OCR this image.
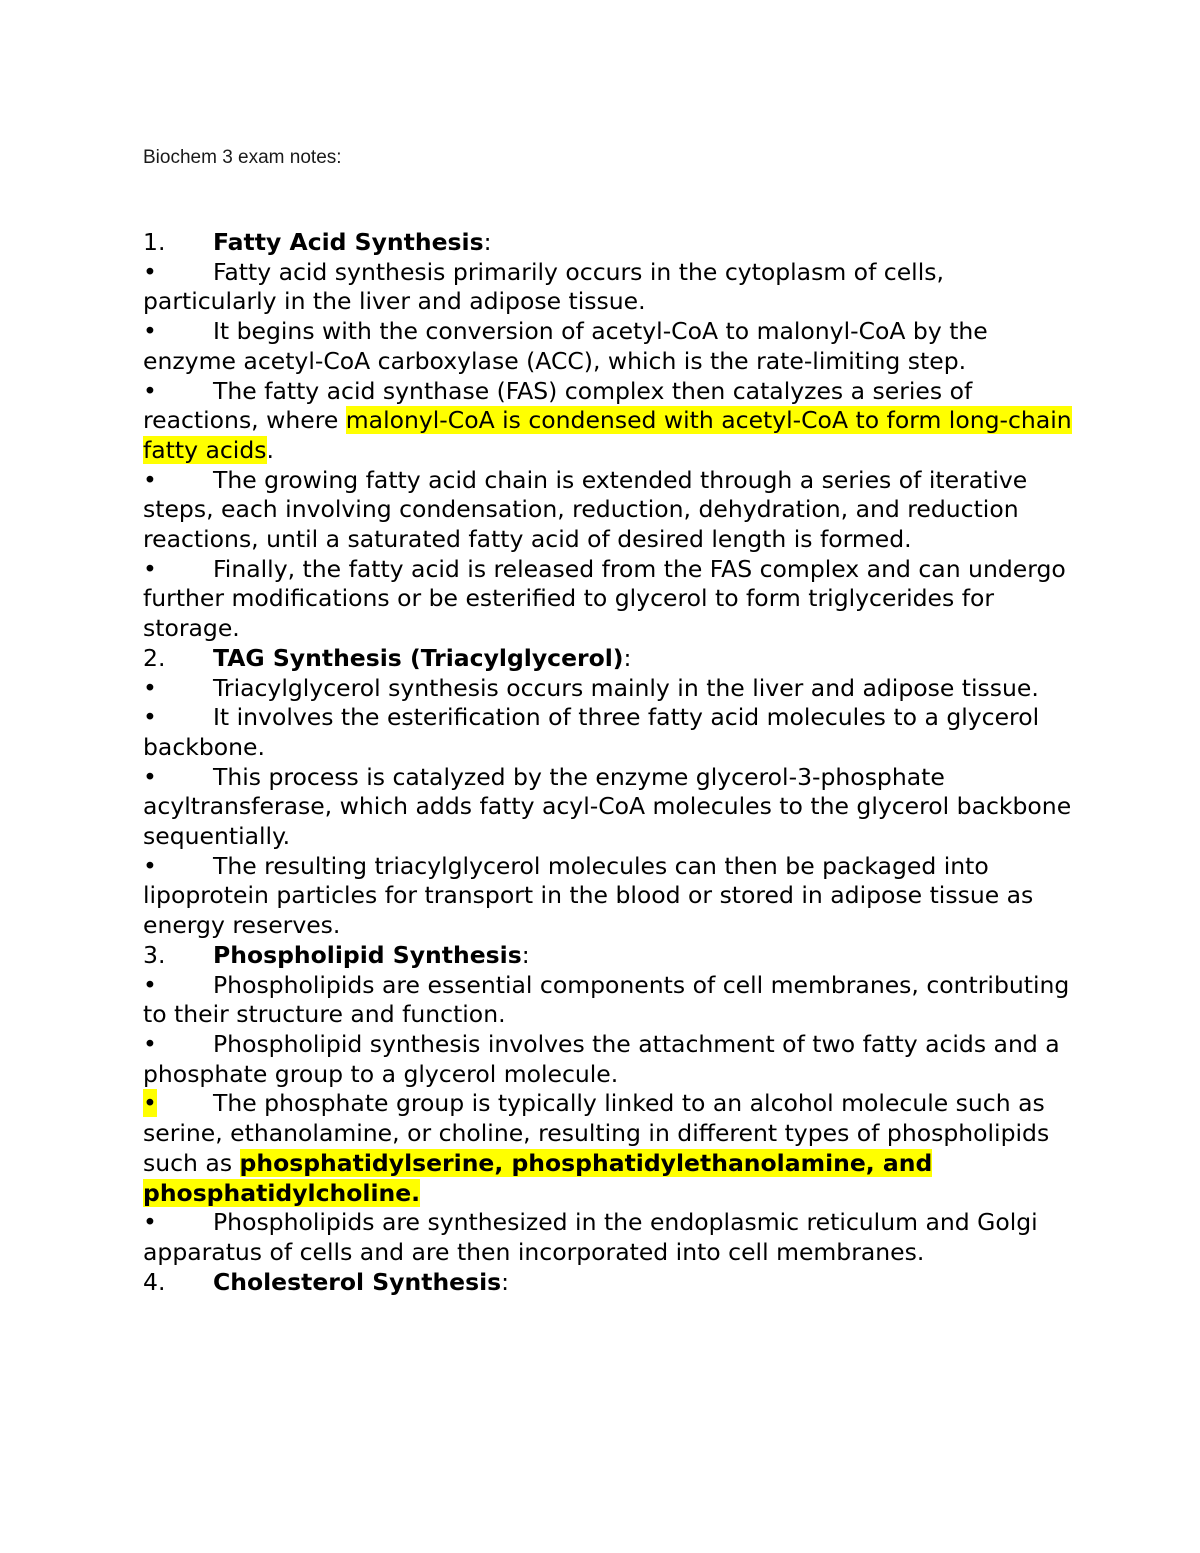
Biochem 3 exam notes:
1.Fatty Acid Synthesis:
• Fatty acid synthesis primarily occurs in the cytoplasm of cells, particularly in the liver and adipose tissue.
• It begins with the conversion of acetyl-CoA to malonyl-CoA by the enzyme acetyl-CoA carboxylase (ACC), which is the rate-limiting step.
• The fatty acid synthase (FAS) complex then catalyzes a series of reactions, where malonyl-CoA is condensed with acetyl-CoA to form long-chain fatty acids.
• The growing fatty acid chain is extended through a series of iterative steps, each involving condensation, reduction, dehydration, and reduction reactions, until a saturated fatty acid of desired length is formed.
• Finally, the fatty acid is released from the FAS complex and can undergo further modifications or be esterified to glycerol to form triglycerides for storage.
2. TAG Synthesis (Triacylglycerol):
• Triacylglycerol synthesis occurs mainly in the liver and adipose tissue.
• It involves the esterification of three fatty acid molecules to a glycerol backbone.
• This process is catalyzed by the enzyme glycerol-3-phosphate acyltransferase, which adds fatty acyl-CoA molecules to the glycerol backbone sequentially.
• The resulting triacylglycerol molecules can then be packaged into lipoprotein particles for transport in the blood or stored in adipose tissue as energy reserves.
3. Phospholipid Synthesis:
• Phospholipids are essential components of cell membranes, contributing to their structure and function.
• Phospholipid synthesis involves the attachment of two fatty acids and a phosphate group to a glycerol molecule.
• The phosphate group is typically linked to an alcohol molecule such as serine, ethanolamine, or choline, resulting in different types of phospholipids such as phosphatidylserine, phosphatidylethanolamine, and phosphatidylcholine.
• Phospholipids are synthesized in the endoplasmic reticulum and Golgi apparatus of cells and are then incorporated into cell membranes.
4. Cholesterol Synthesis:
